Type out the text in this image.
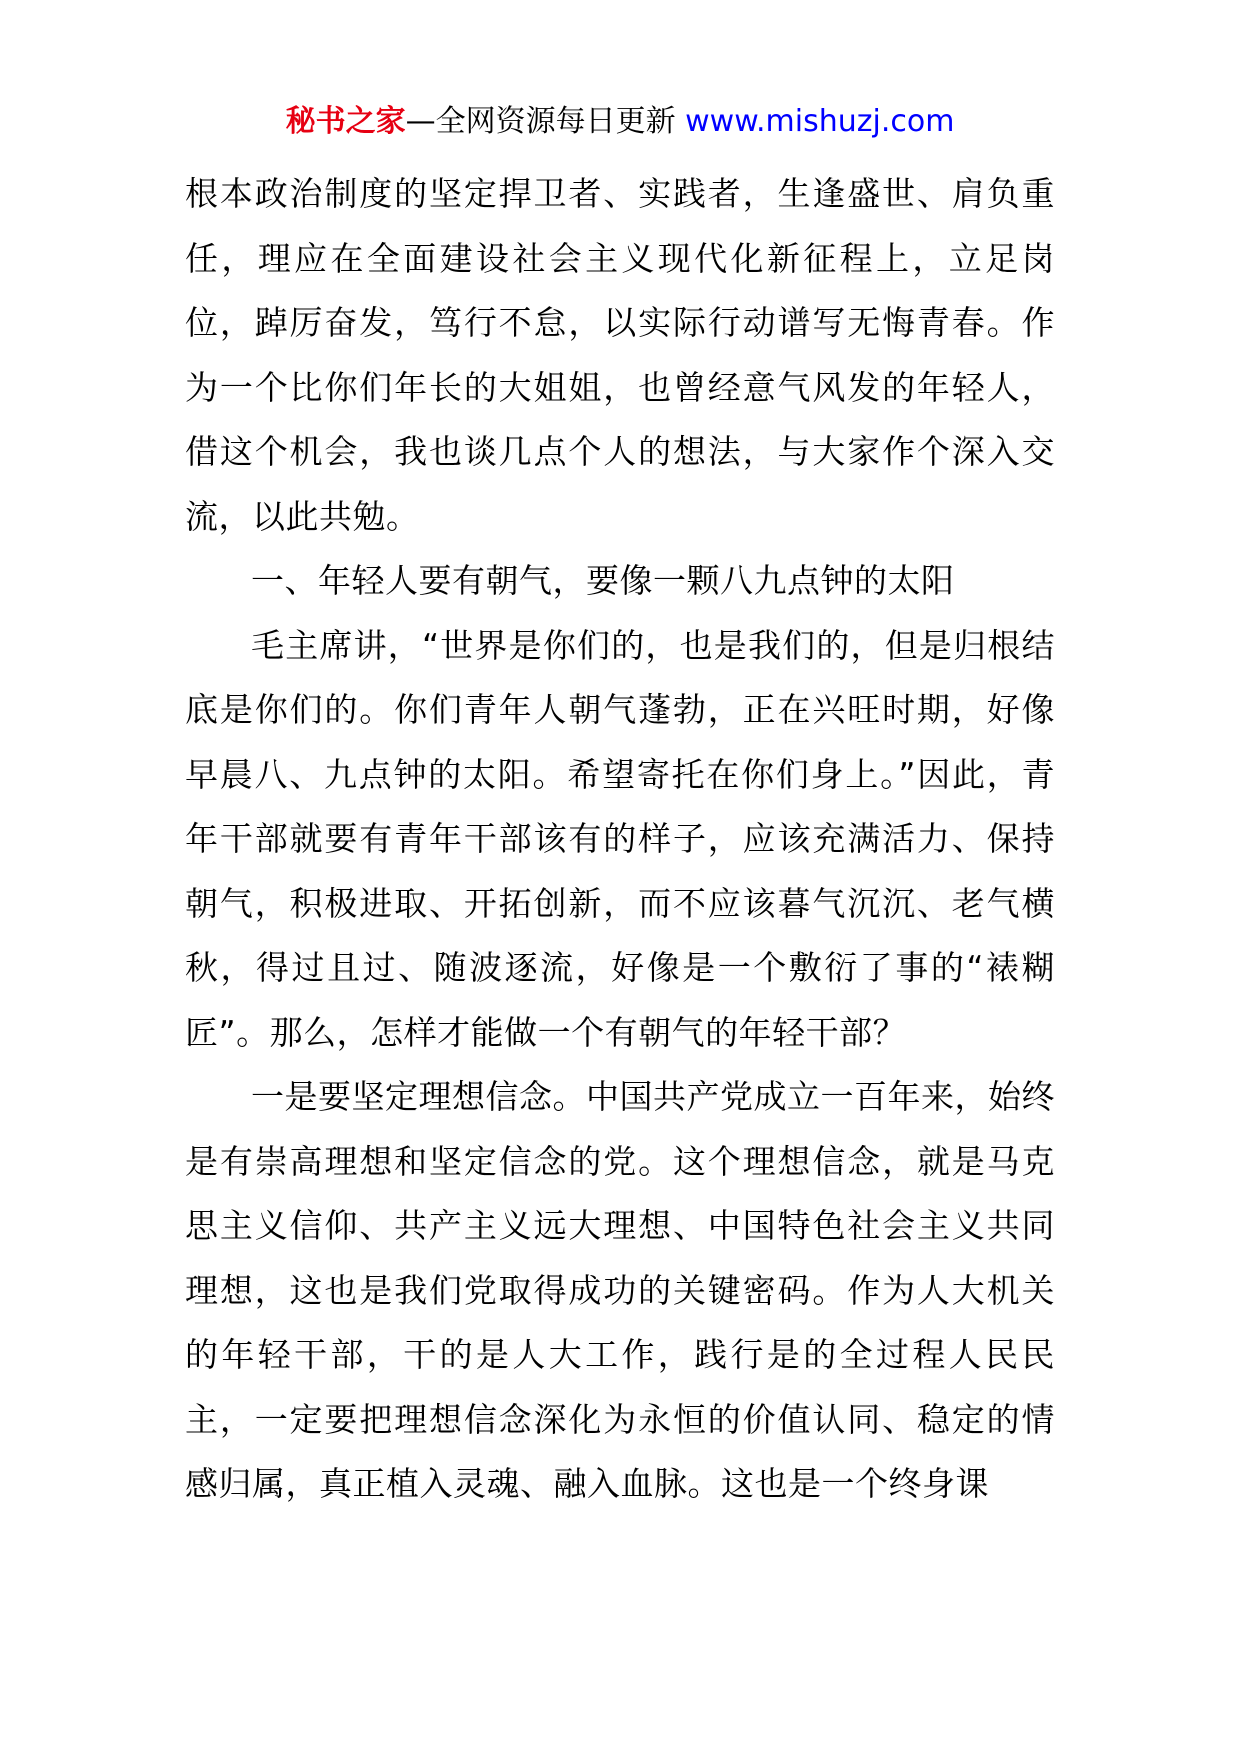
秘书之家—全网资源每日更新 www.mishuzj.com

根本政治制度的坚定捍卫者、实践者，生逢盛世、肩负重任，理应在全面建设社会主义现代化新征程上，立足岗位，踔厉奋发，笃行不怠，以实际行动谱写无悔青春。作为一个比你们年长的大姐姐，也曾经意气风发的年轻人，借这个机会，我也谈几点个人的想法，与大家作个深入交流，以此共勉。

一、年轻人要有朝气，要像一颗八九点钟的太阳

毛主席讲，“世界是你们的，也是我们的，但是归根结底是你们的。你们青年人朝气蓬勃，正在兴旺时期，好像早晨八、九点钟的太阳。希望寄托在你们身上。”因此，青年干部就要有青年干部该有的样子，应该充满活力、保持朝气，积极进取、开拓创新，而不应该暮气沉沉、老气横秋，得过且过、随波逐流，好像是一个敷衍了事的“裱糊匠”。那么，怎样才能做一个有朝气的年轻干部？

一是要坚定理想信念。中国共产党成立一百年来，始终是有崇高理想和坚定信念的党。这个理想信念，就是马克思主义信仰、共产主义远大理想、中国特色社会主义共同理想，这也是我们党取得成功的关键密码。作为人大机关的年轻干部，干的是人大工作，践行是的全过程人民民主，一定要把理想信念深化为永恒的价值认同、稳定的情感归属，真正植入灵魂、融入血脉。这也是一个终身课
